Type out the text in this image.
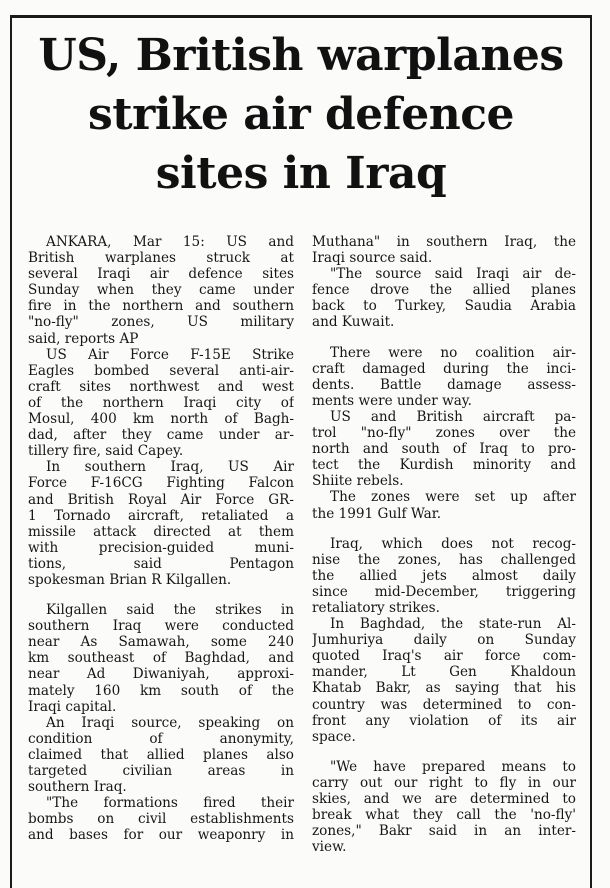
US, British warplanes
strike air defence
sites in Iraq

ANKARA, Mar 15: US and
British warplanes struck at
several Iraqi air defence sites
Sunday when they came under
fire in the northern and southern
"no-fly" zones, US military
said, reports AP

US Air Force F-15E Strike
Eagles bombed several anti-air-
craft sites northwest and west
of the northern Iraqi city of
Mosul, 400 km north of Bagh-
dad, after they came under ar-
tillery fire, said Capey.

In southern Iraq, US Air
Force F-16CG Fighting Falcon
and British Royal Air Force GR-
1 Tornado aircraft, retaliated a
missile attack directed at them
with precision-guided muni-
tions, said Pentagon
spokesman Brian R Kilgallen.

Kilgallen said the strikes in
southern Iraq were conducted
near As Samawah, some 240
km southeast of Baghdad, and
near Ad Diwaniyah, approxi-
mately 160 km south of the
Iraqi capital.

An Iraqi source, speaking on
condition of anonymity,
claimed that allied planes also
targeted civilian areas in
southern Iraq.

"The formations fired their
bombs on civil establishments
and bases for our weaponry in

Muthana" in southern Iraq, the
Iraqi source said.

"The source said Iraqi air de-
fence drove the allied planes
back to Turkey, Saudia Arabia
and Kuwait.

There were no coalition air-
craft damaged during the inci-
dents. Battle damage assess-
ments were under way.

US and British aircraft pa-
trol "no-fly" zones over the
north and south of Iraq to pro-
tect the Kurdish minority and
Shiite rebels.

The zones were set up after
the 1991 Gulf War.

Iraq, which does not recog-
nise the zones, has challenged
the allied jets almost daily
since mid-December, triggering
retaliatory strikes.

In Baghdad, the state-run Al-
Jumhuriya daily on Sunday
quoted Iraq's air force com-
mander, Lt Gen Khaldoun
Khatab Bakr, as saying that his
country was determined to con-
front any violation of its air
space.

"We have prepared means to
carry out our right to fly in our
skies, and we are determined to
break what they call the 'no-fly'
zones," Bakr said in an inter-
view.
